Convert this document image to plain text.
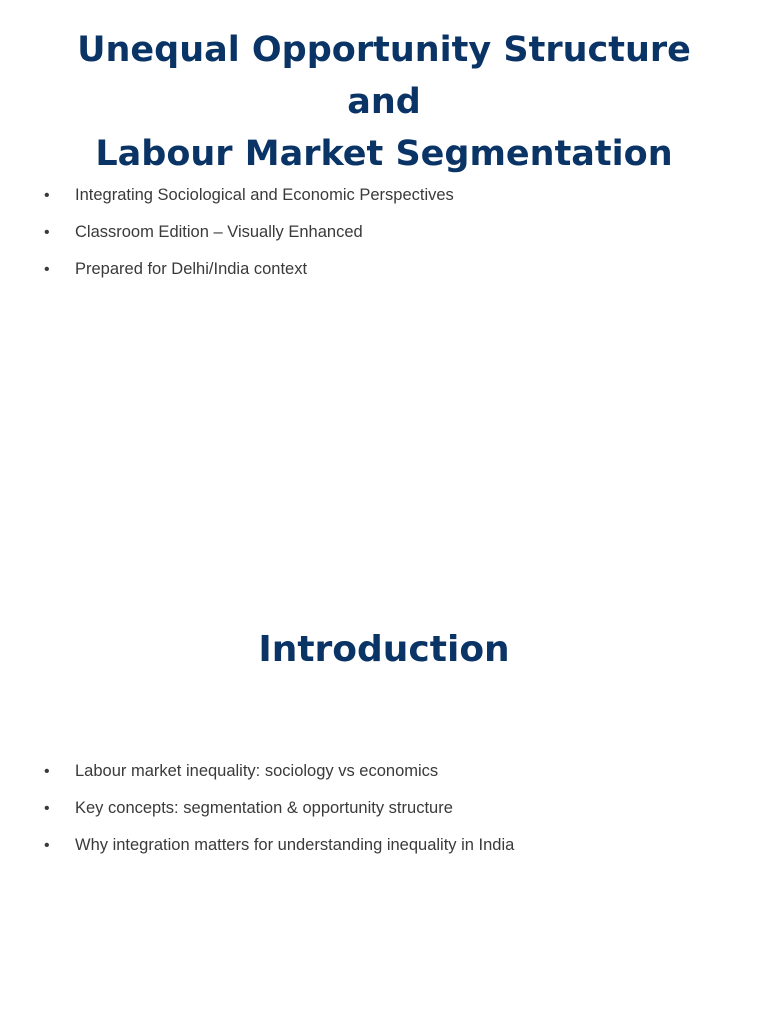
Unequal Opportunity Structure and
Labour Market Segmentation
• Integrating Sociological and Economic Perspectives
• Classroom Edition – Visually Enhanced
• Prepared for Delhi/India context
Introduction
• Labour market inequality: sociology vs economics
• Key concepts: segmentation & opportunity structure
• Why integration matters for understanding inequality in India
